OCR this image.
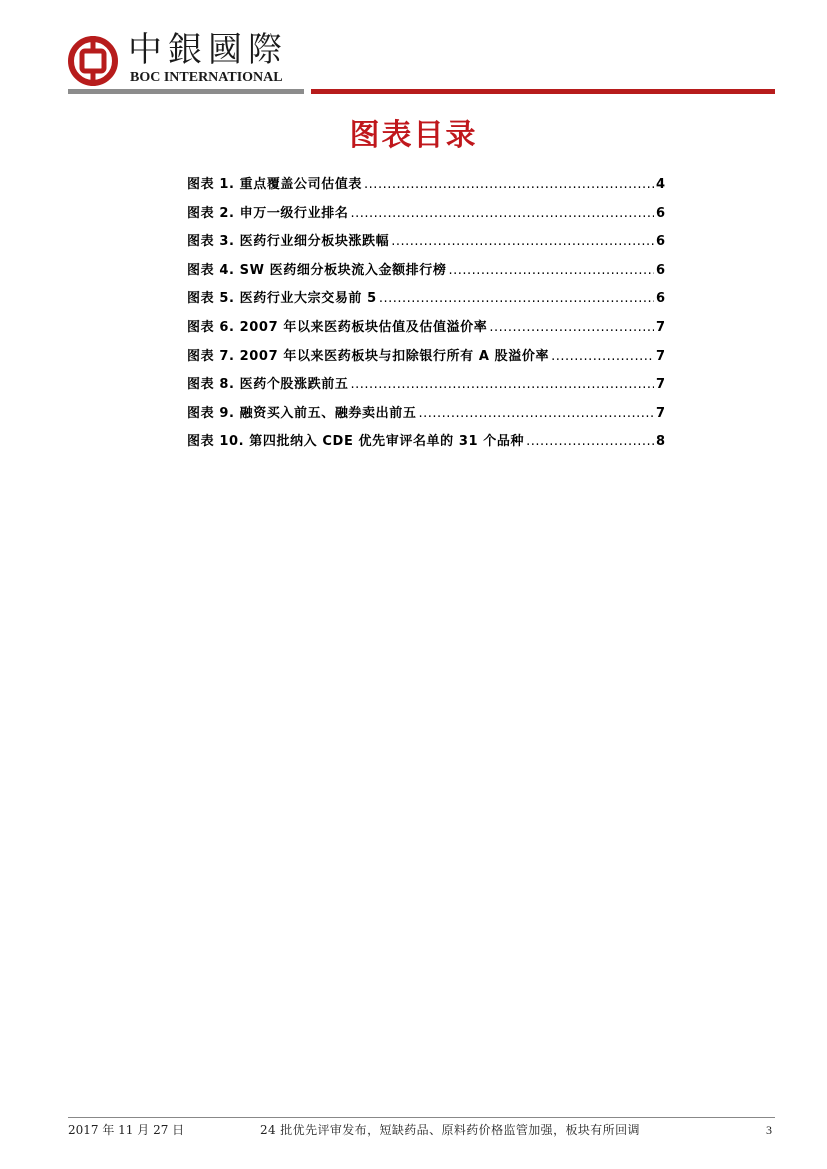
中銀國際
BOC INTERNATIONAL
图表目录
图表 1. 重点覆盖公司估值表 .....	4
图表 2. 申万一级行业排名 .....	6
图表 3. 医药行业细分板块涨跌幅 .....	6
图表 4. SW 医药细分板块流入金额排行榜 .....	6
图表 5. 医药行业大宗交易前 5 .....	6
图表 6. 2007 年以来医药板块估值及估值溢价率 .....	7
图表 7. 2007 年以来医药板块与扣除银行所有 A 股溢价率 .....	7
图表 8. 医药个股涨跌前五 .....	7
图表 9. 融资买入前五、融券卖出前五 .....	7
图表 10. 第四批纳入 CDE 优先审评名单的 31 个品种 .....	8
2017 年 11 月 27 日	24 批优先评审发布，短缺药品、原料药价格监管加强，板块有所回调	3
